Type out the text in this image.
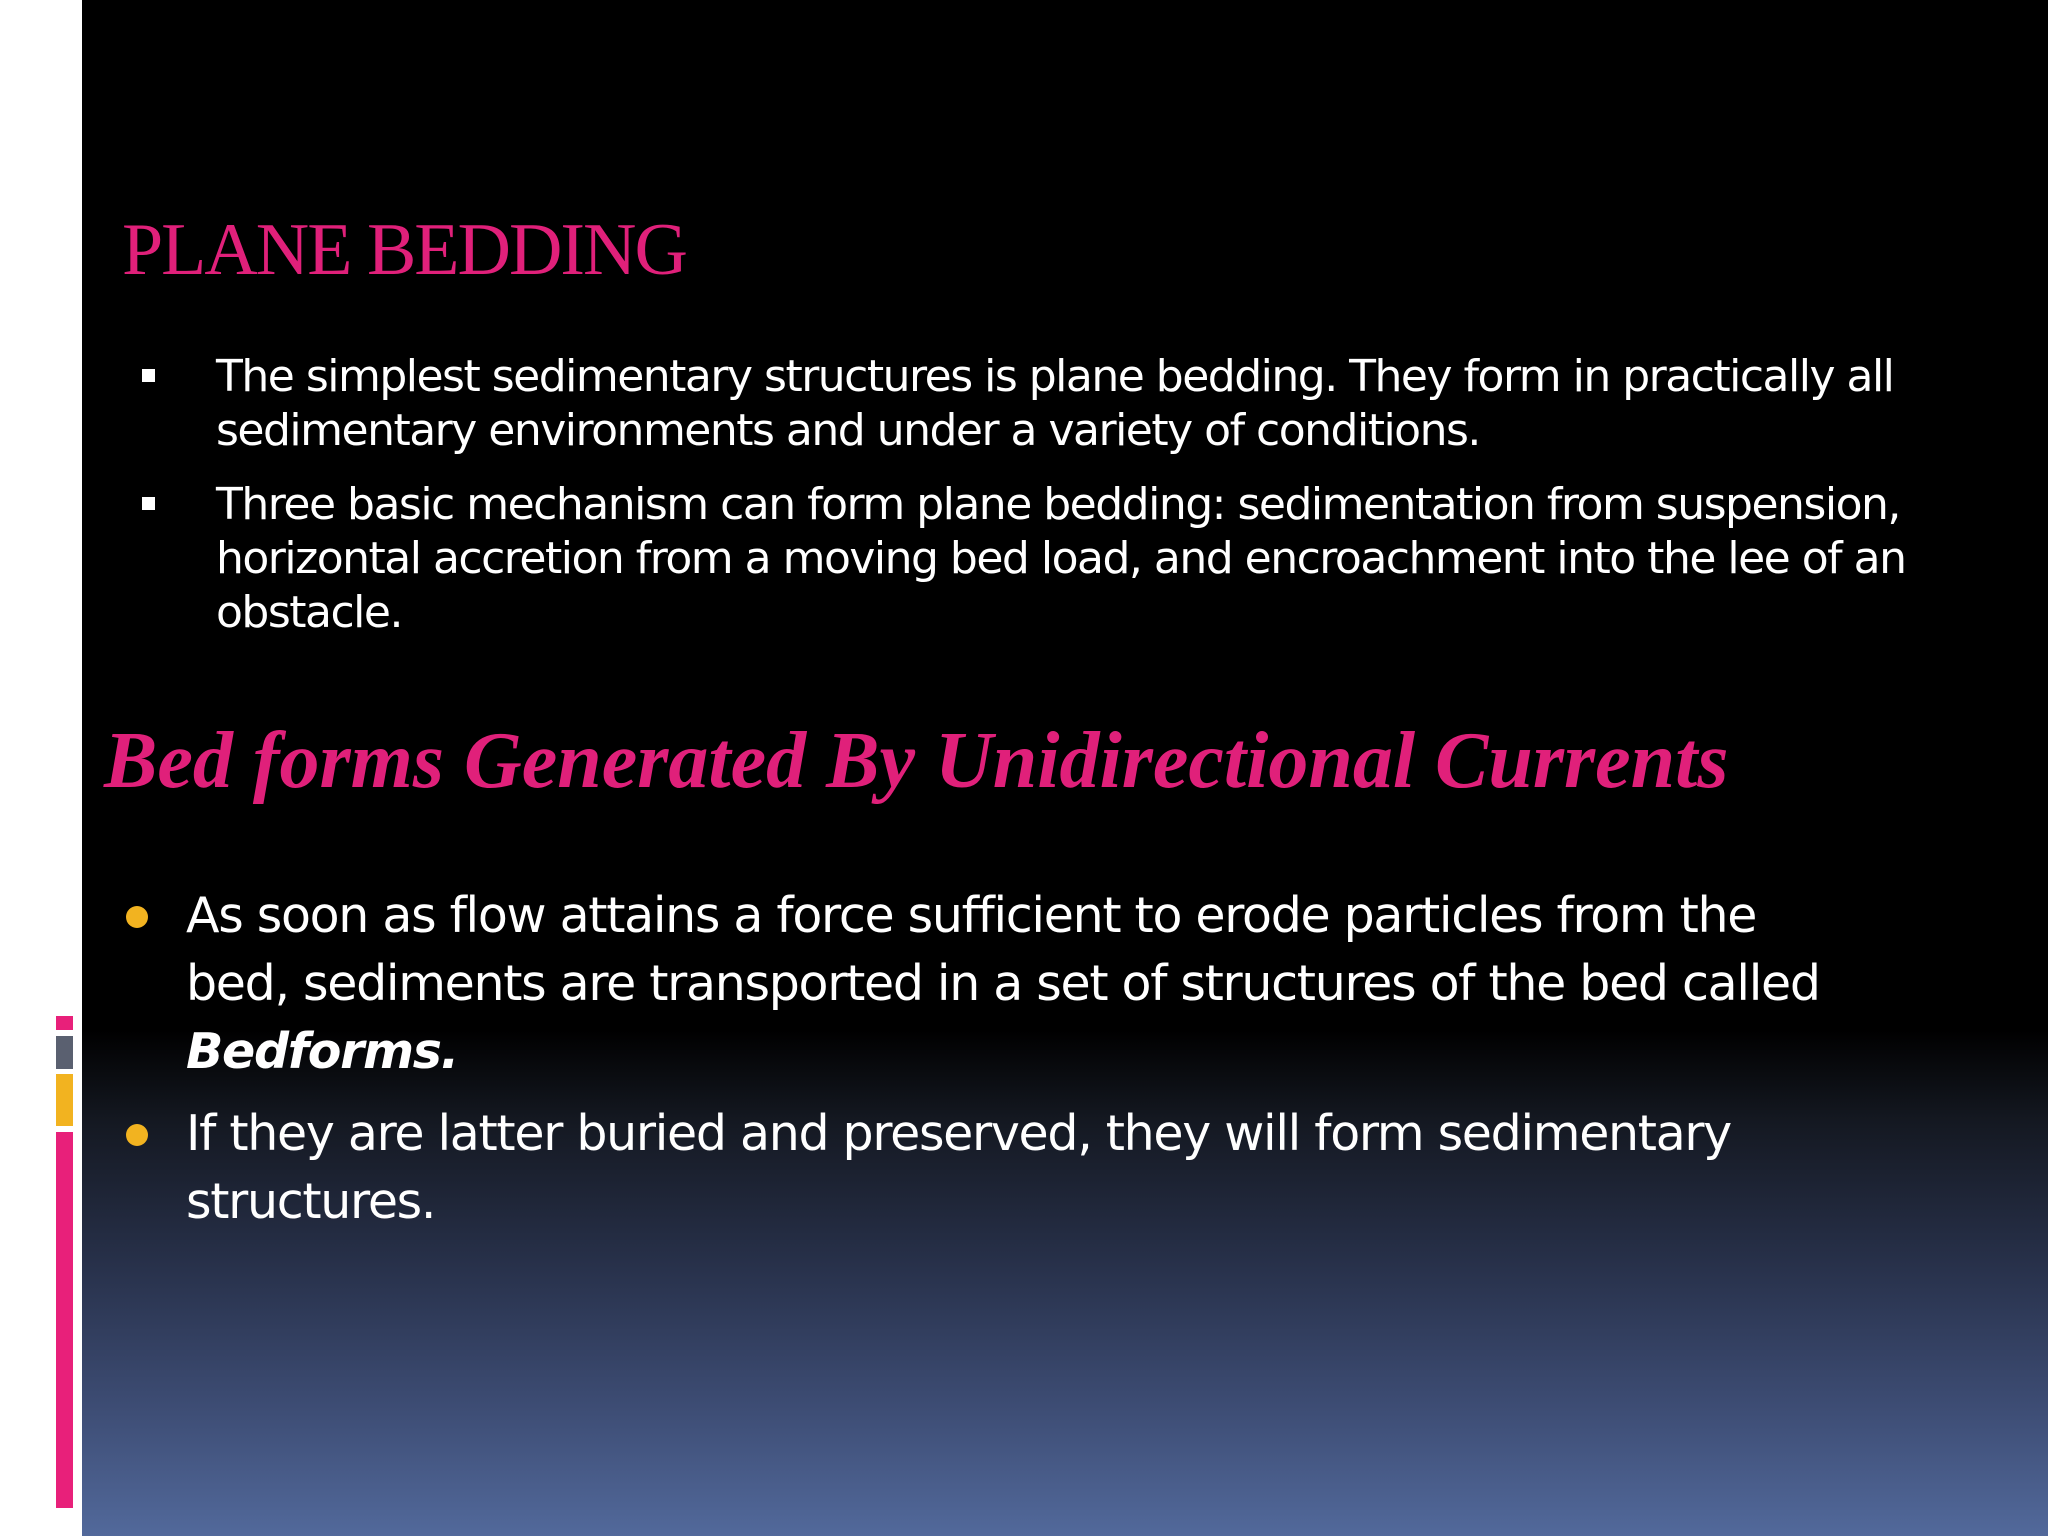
PLANE BEDDING
The simplest sedimentary structures is plane bedding. They form in practically all sedimentary environments and under a variety of conditions.
Three basic mechanism can form plane bedding: sedimentation from suspension, horizontal accretion from a moving bed load, and encroachment into the lee of an obstacle.
Bed forms Generated By Unidirectional Currents
As soon as flow attains a force sufficient to erode particles from the bed, sediments are transported in a set of structures of the bed called
Bedforms.
If they are latter buried and preserved, they will form sedimentary structures.
